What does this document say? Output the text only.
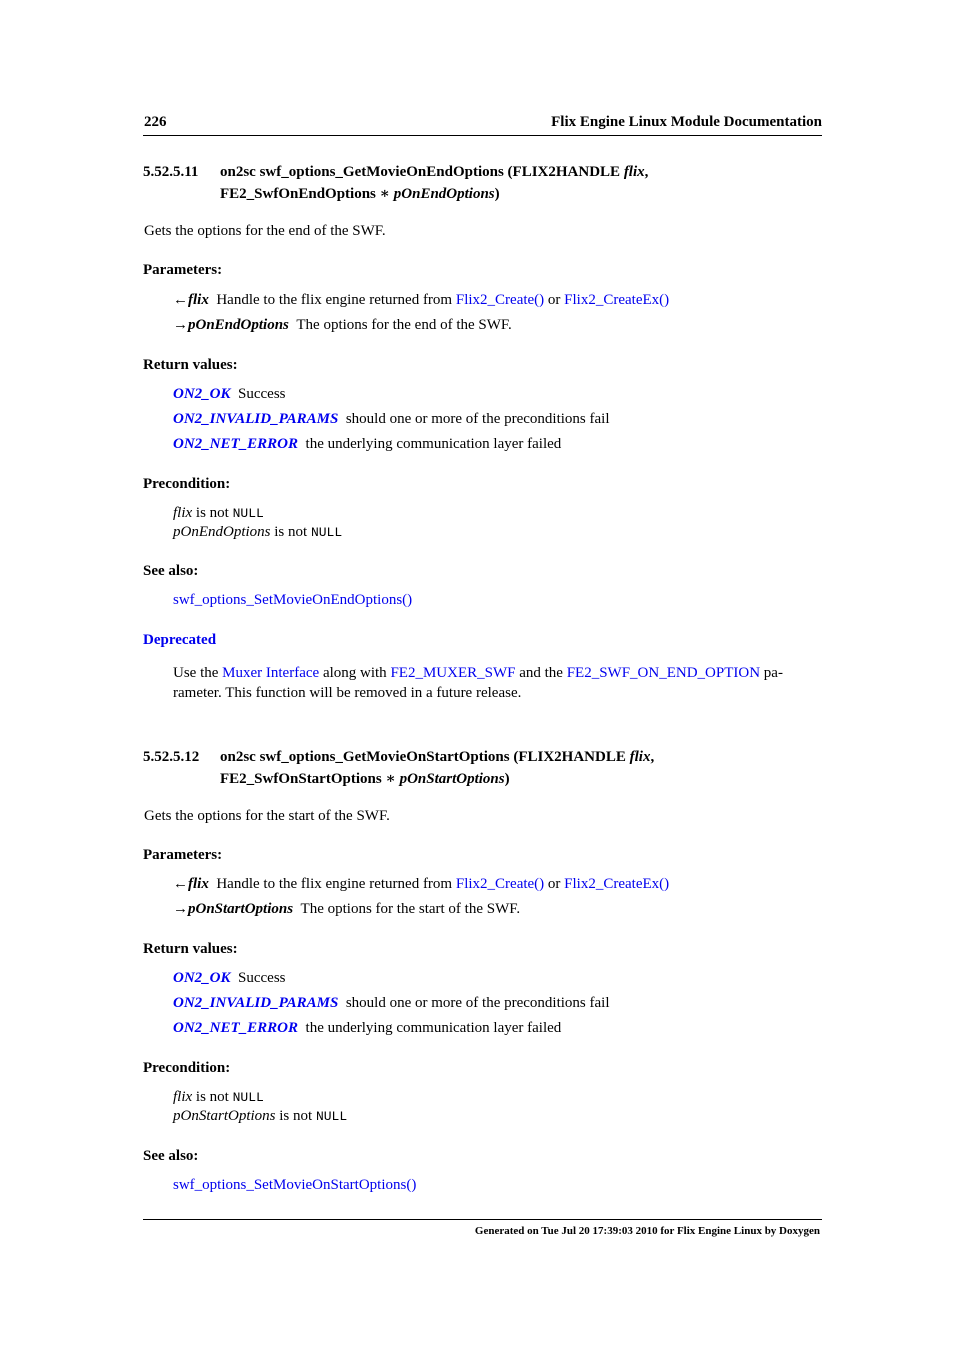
226	Flix Engine Linux Module Documentation
5.52.5.11 on2sc swf_options_GetMovieOnEndOptions (FLIX2HANDLE flix,
FE2_SwfOnEndOptions ∗ pOnEndOptions)
Gets the options for the end of the SWF.
Parameters:
←flix Handle to the flix engine returned from Flix2_Create() or Flix2_CreateEx()
→pOnEndOptions The options for the end of the SWF.
Return values:
ON2_OK Success
ON2_INVALID_PARAMS should one or more of the preconditions fail
ON2_NET_ERROR the underlying communication layer failed
Precondition:
flix is not NULL
pOnEndOptions is not NULL
See also:
swf_options_SetMovieOnEndOptions()
Deprecated
Use the Muxer Interface along with FE2_MUXER_SWF and the FE2_SWF_ON_END_OPTION pa-
rameter. This function will be removed in a future release.
5.52.5.12 on2sc swf_options_GetMovieOnStartOptions (FLIX2HANDLE flix,
FE2_SwfOnStartOptions ∗ pOnStartOptions)
Gets the options for the start of the SWF.
Parameters:
←flix Handle to the flix engine returned from Flix2_Create() or Flix2_CreateEx()
→pOnStartOptions The options for the start of the SWF.
Return values:
ON2_OK Success
ON2_INVALID_PARAMS should one or more of the preconditions fail
ON2_NET_ERROR the underlying communication layer failed
Precondition:
flix is not NULL
pOnStartOptions is not NULL
See also:
swf_options_SetMovieOnStartOptions()
Generated on Tue Jul 20 17:39:03 2010 for Flix Engine Linux by Doxygen
